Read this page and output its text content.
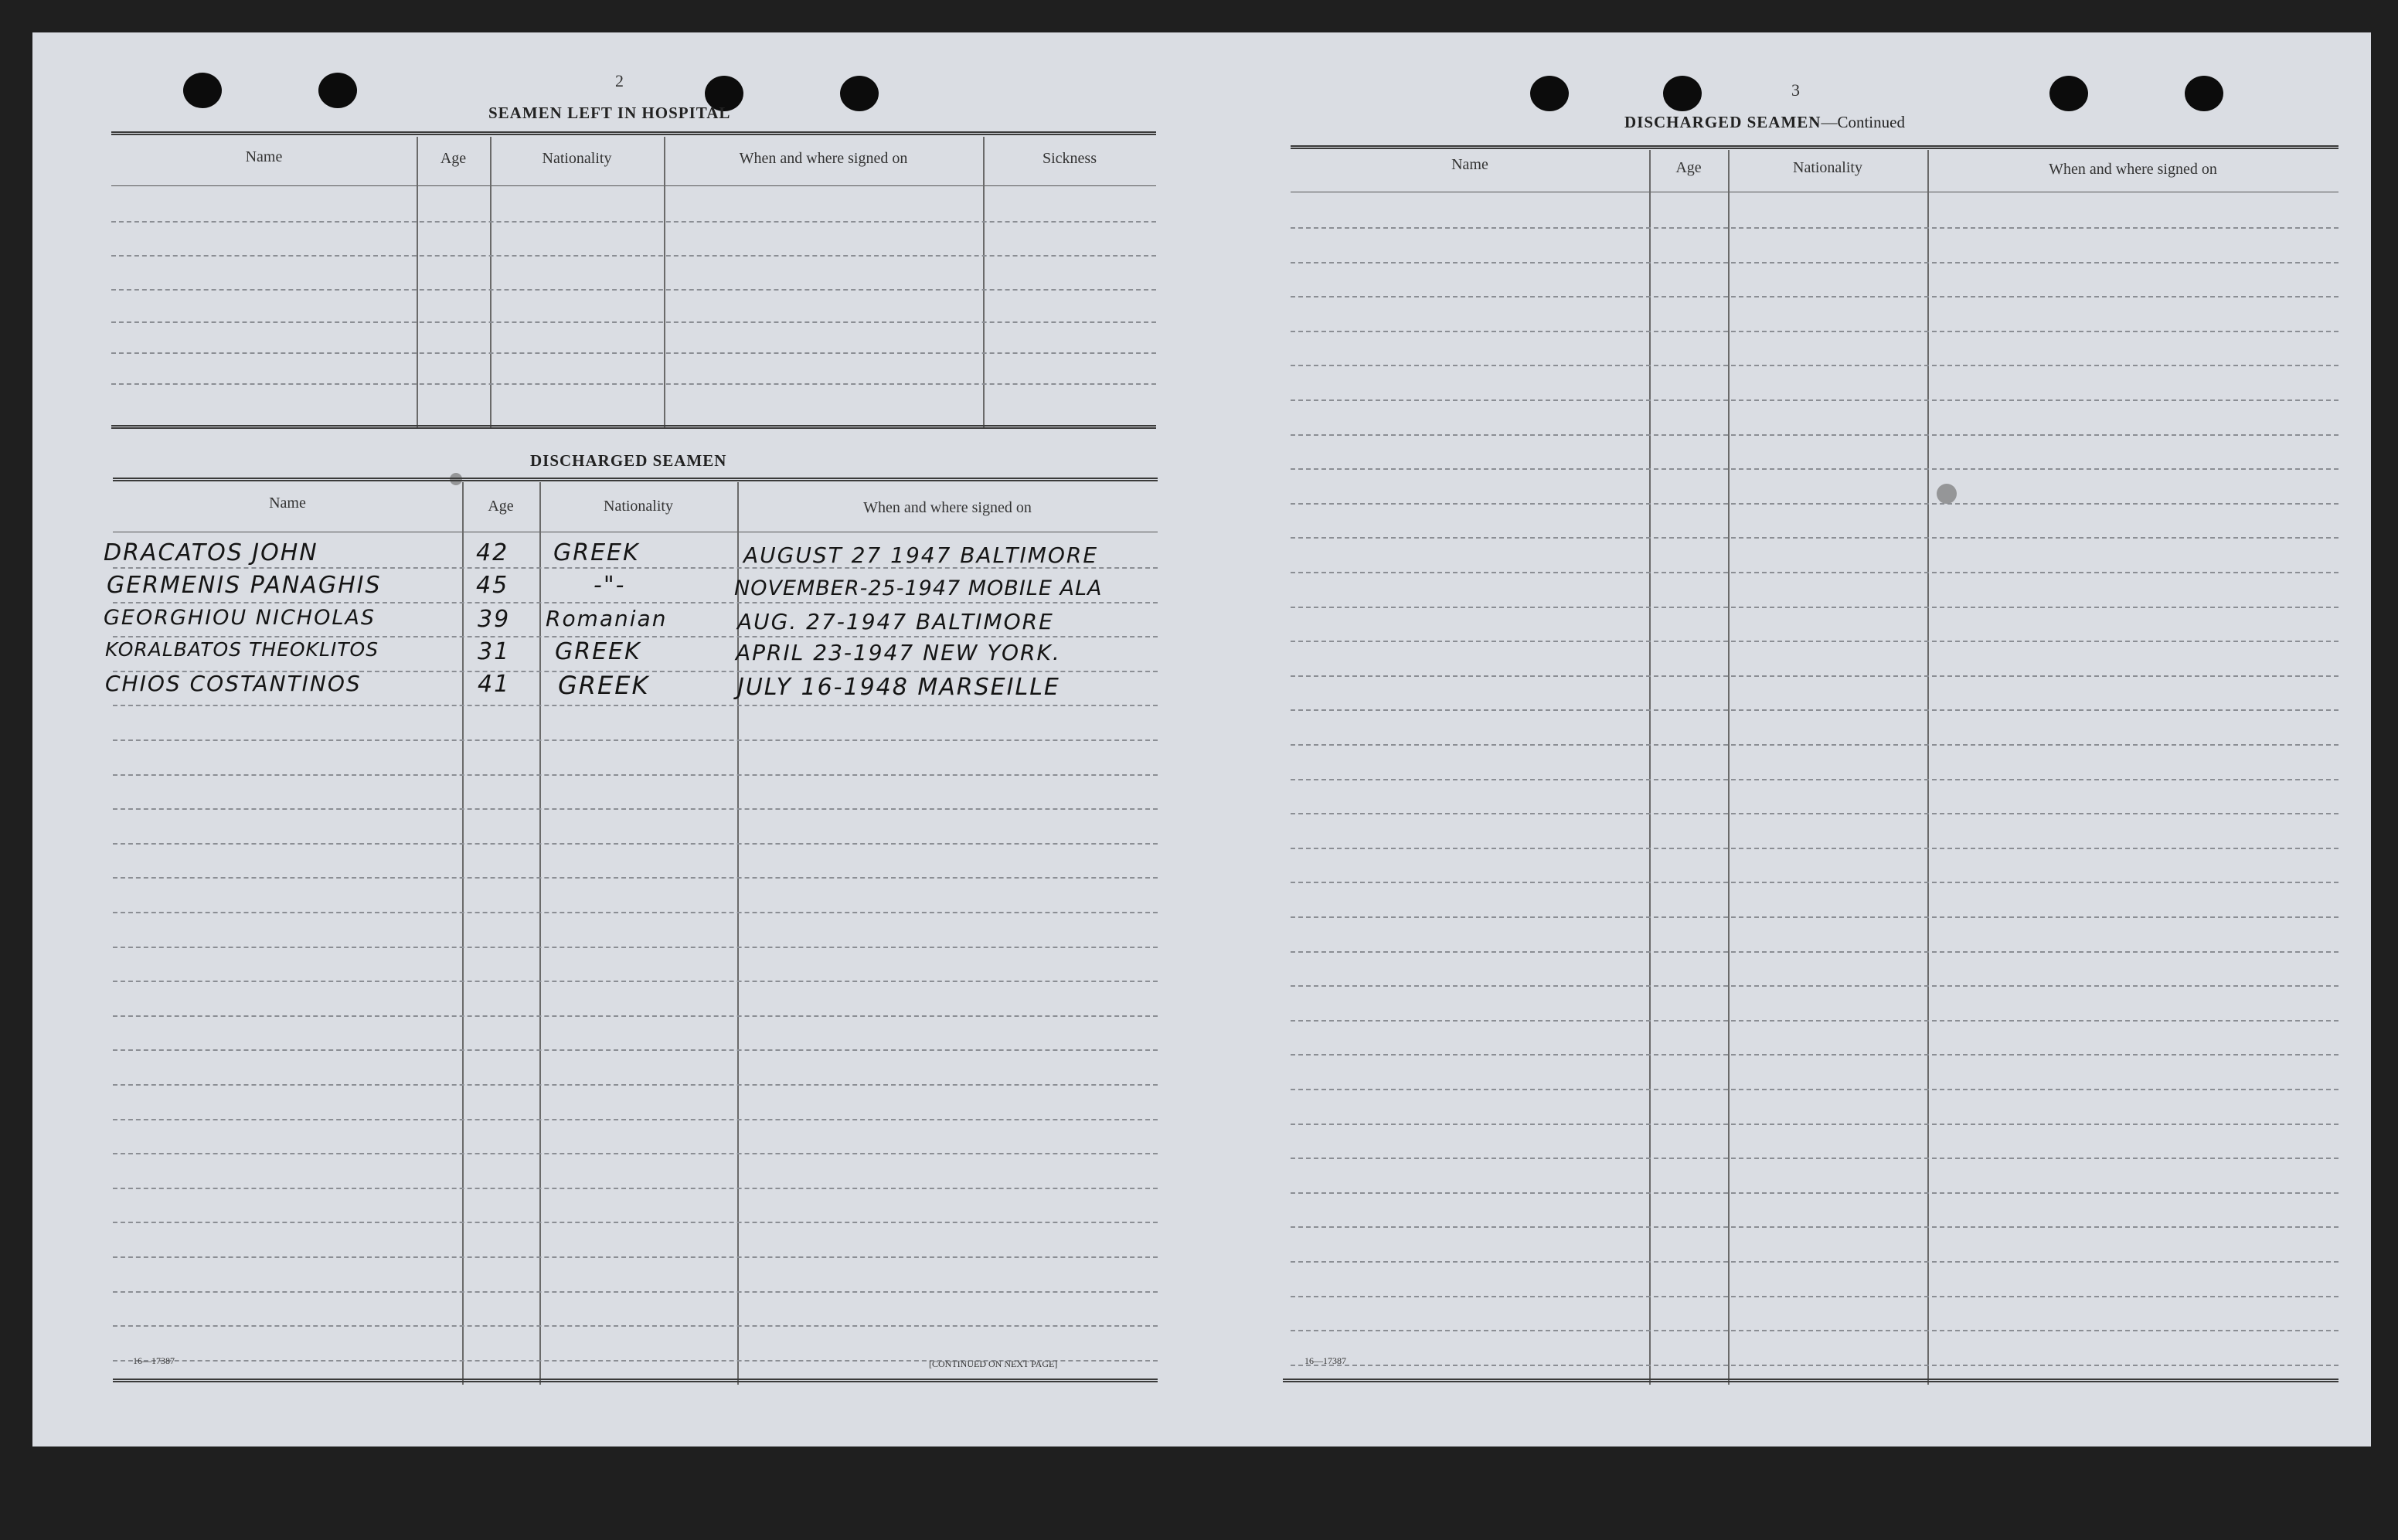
2
SEAMEN LEFT IN HOSPITAL
Name	Age	Nationality	When and where signed on	Sickness
DISCHARGED SEAMEN
Name	Age	Nationality	When and where signed on
DRACATOS JOHN	42 GREEK	AUGUST 27 1947 BALTIMORE
GERMENIS PANAGHIS	45	-"-	NOVEMBER-25-1947 MOBILE ALA
GEORGHIOU NICHOLAS	39 Romanian	AUG. 27-1947 BALTIMORE
KORALBATOS THEOKLITOS	31 GREEK	APRIL 23-1947 NEW YORK.
CHIOS COSTANTINOS	41 GREEK	JULY 16-1948 MARSEILLE
16—17387	[CONTINUED ON NEXT PAGE]
3
DISCHARGED SEAMEN—Continued
Name	Age	Nationality	When and where signed on
16—17387
